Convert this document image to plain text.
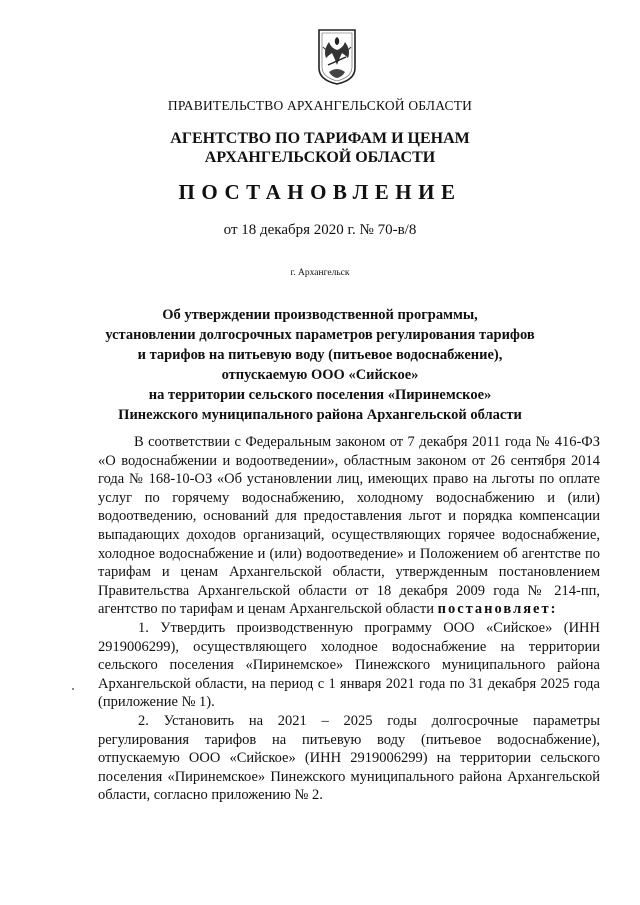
ПРАВИТЕЛЬСТВО АРХАНГЕЛЬСКОЙ ОБЛАСТИ
АГЕНТСТВО ПО ТАРИФАМ И ЦЕНАМ
АРХАНГЕЛЬСКОЙ ОБЛАСТИ
ПОСТАНОВЛЕНИЕ
от 18 декабря 2020 г. № 70-в/8
г. Архангельск
Об утверждении производственной программы,
установлении долгосрочных параметров регулирования тарифов
и тарифов на питьевую воду (питьевое водоснабжение),
отпускаемую ООО «Сийское»
на территории сельского поселения «Пиринемское»
Пинежского муниципального района Архангельской области

В соответствии с Федеральным законом от 7 декабря 2011 года № 416-ФЗ «О водоснабжении и водоотведении», областным законом от 26 сентября 2014 года № 168-10-ОЗ «Об установлении лиц, имеющих право на льготы по оплате услуг по горячему водоснабжению, холодному водоснабжению и (или) водоотведению, оснований для предоставления льгот и порядка компенсации выпадающих доходов организаций, осуществляющих горячее водоснабжение, холодное водоснабжение и (или) водоотведение» и Положением об агентстве по тарифам и ценам Архангельской области, утвержденным постановлением Правительства Архангельской области от 18 декабря 2009 года № 214-пп, агентство по тарифам и ценам Архангельской области постановляет:

1. Утвердить производственную программу ООО «Сийское» (ИНН 2919006299), осуществляющего холодное водоснабжение на территории сельского поселения «Пиринемское» Пинежского муниципального района Архангельской области, на период с 1 января 2021 года по 31 декабря 2025 года (приложение № 1).

2. Установить на 2021 – 2025 годы долгосрочные параметры регулирования тарифов на питьевую воду (питьевое водоснабжение), отпускаемую ООО «Сийское» (ИНН 2919006299) на территории сельского поселения «Пиринемское» Пинежского муниципального района Архангельской области, согласно приложению № 2.
